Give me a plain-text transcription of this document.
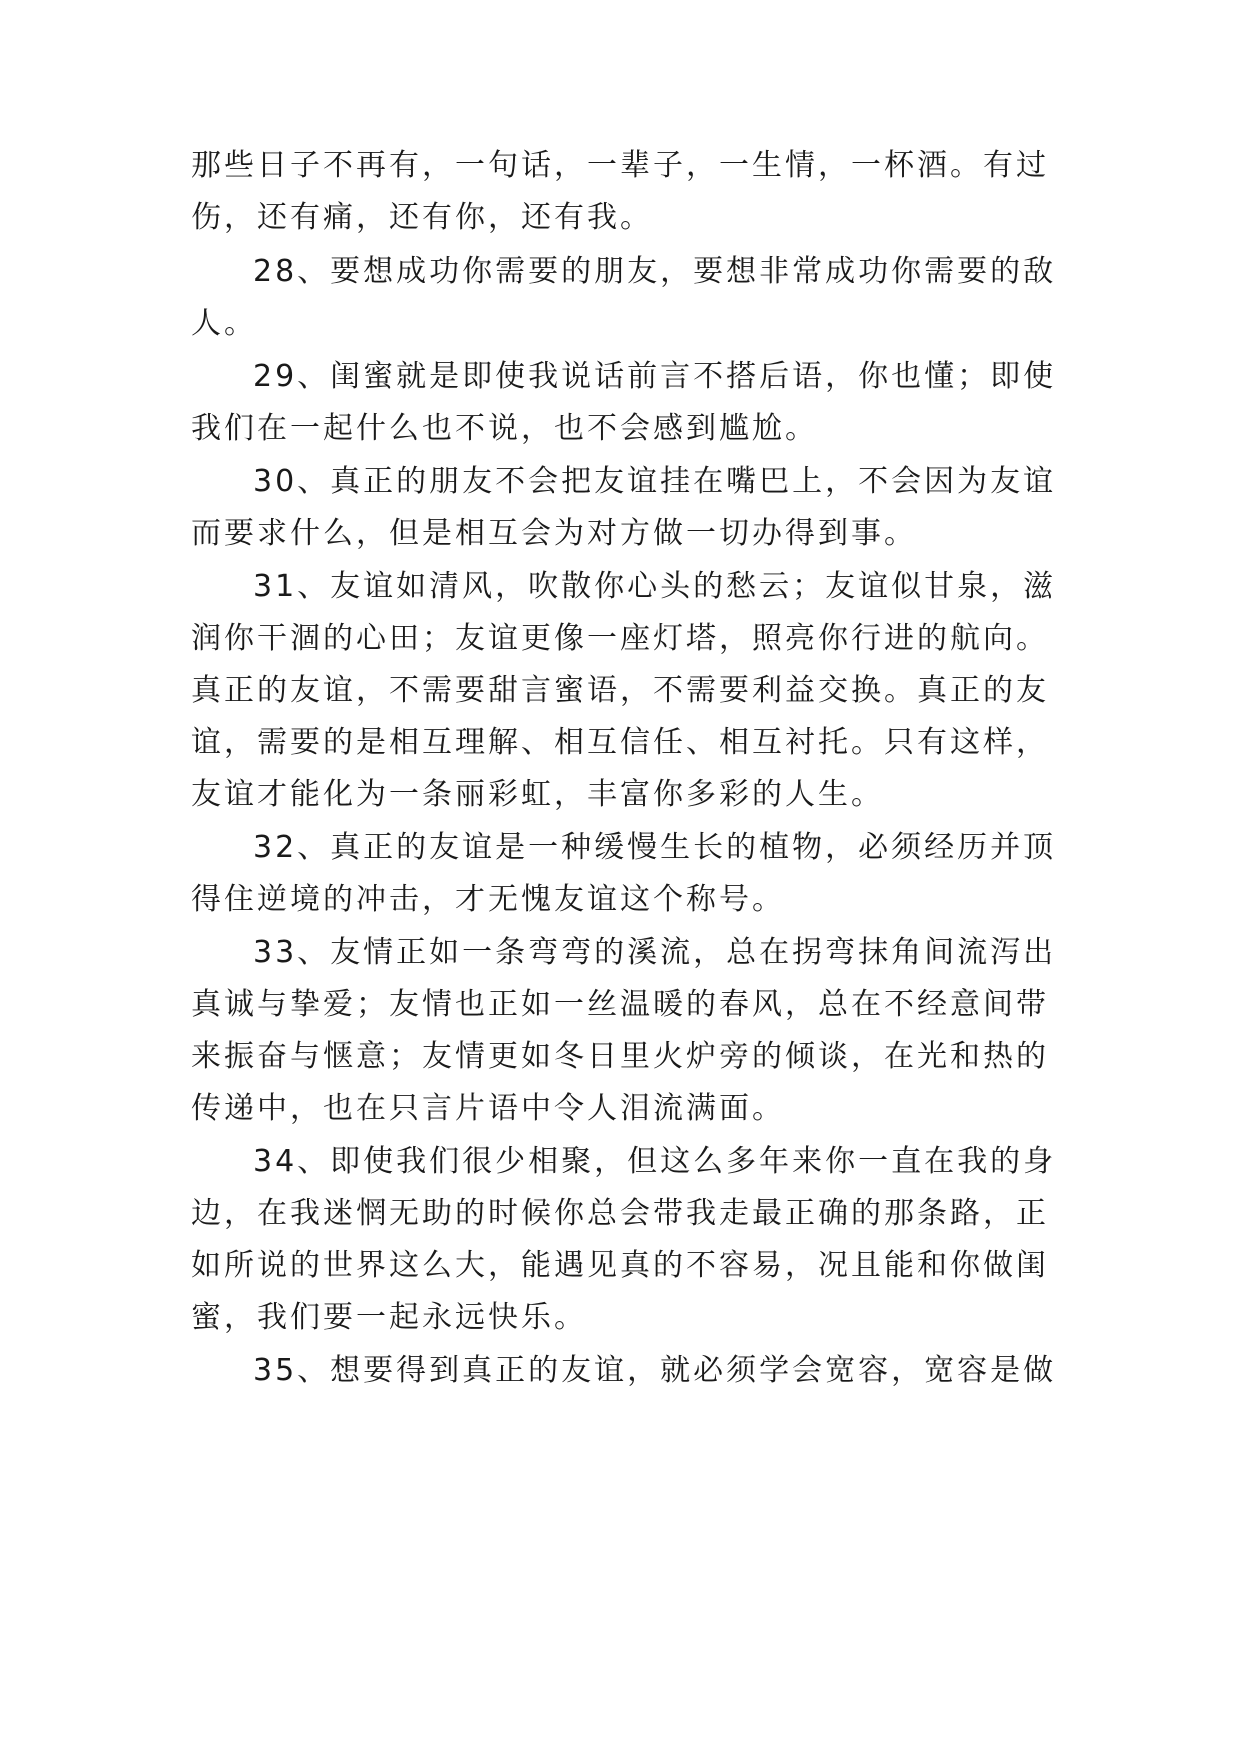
那些日子不再有，一句话，一辈子，一生情，一杯酒。有过
伤，还有痛，还有你，还有我。
28、要想成功你需要的朋友，要想非常成功你需要的敌
人。
29、闺蜜就是即使我说话前言不搭后语，你也懂；即使
我们在一起什么也不说，也不会感到尴尬。
30、真正的朋友不会把友谊挂在嘴巴上，不会因为友谊
而要求什么，但是相互会为对方做一切办得到事。
31、友谊如清风，吹散你心头的愁云；友谊似甘泉，滋
润你干涸的心田；友谊更像一座灯塔，照亮你行进的航向。
真正的友谊，不需要甜言蜜语，不需要利益交换。真正的友
谊，需要的是相互理解、相互信任、相互衬托。只有这样，
友谊才能化为一条丽彩虹，丰富你多彩的人生。
32、真正的友谊是一种缓慢生长的植物，必须经历并顶
得住逆境的冲击，才无愧友谊这个称号。
33、友情正如一条弯弯的溪流，总在拐弯抹角间流泻出
真诚与挚爱；友情也正如一丝温暖的春风，总在不经意间带
来振奋与惬意；友情更如冬日里火炉旁的倾谈，在光和热的
传递中，也在只言片语中令人泪流满面。
34、即使我们很少相聚，但这么多年来你一直在我的身
边，在我迷惘无助的时候你总会带我走最正确的那条路，正
如所说的世界这么大，能遇见真的不容易，况且能和你做闺
蜜，我们要一起永远快乐。
35、想要得到真正的友谊，就必须学会宽容，宽容是做
